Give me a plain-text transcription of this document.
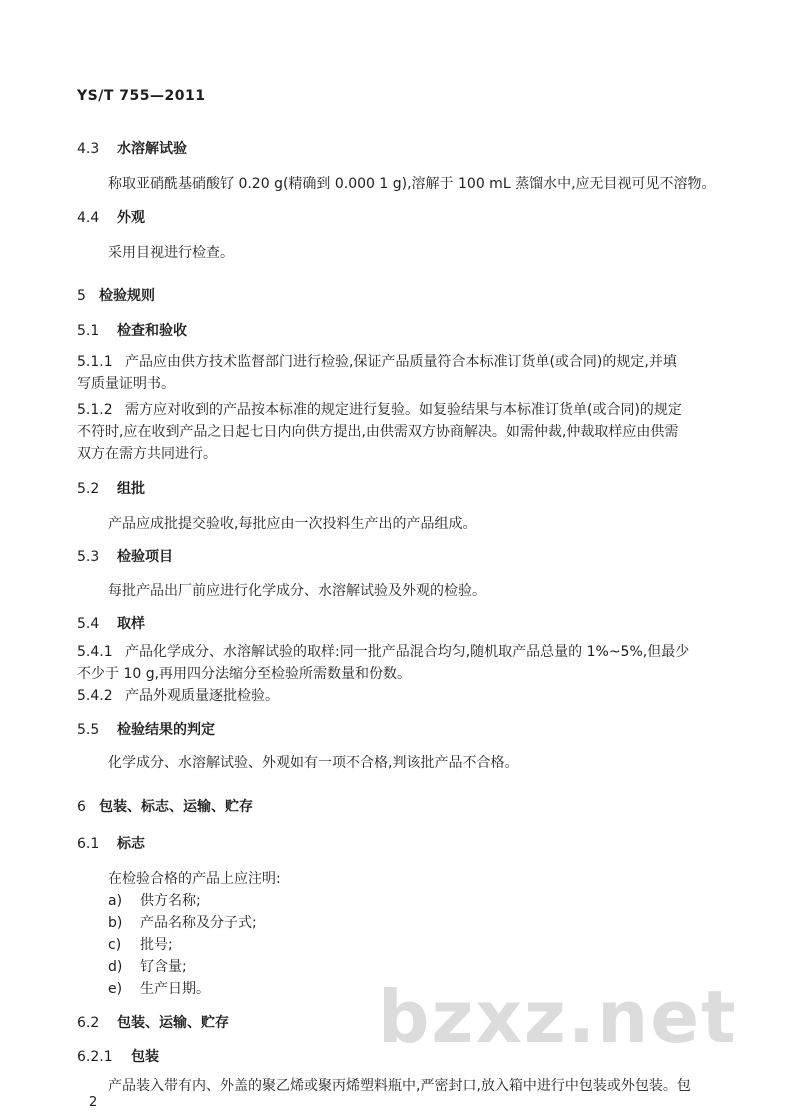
YS/T 755—2011
4.3 水溶解试验
称取亚硝酰基硝酸钌 0.20 g(精确到 0.000 1 g),溶解于 100 mL 蒸馏水中,应无目视可见不溶物。
4.4 外观
采用目视进行检查。
5 检验规则
5.1 检查和验收
5.1.1 产品应由供方技术监督部门进行检验,保证产品质量符合本标准订货单(或合同)的规定,并填
写质量证明书。
5.1.2 需方应对收到的产品按本标准的规定进行复验。如复验结果与本标准订货单(或合同)的规定
不符时,应在收到产品之日起七日内向供方提出,由供需双方协商解决。如需仲裁,仲裁取样应由供需
双方在需方共同进行。
5.2 组批
产品应成批提交验收,每批应由一次投料生产出的产品组成。
5.3 检验项目
每批产品出厂前应进行化学成分、水溶解试验及外观的检验。
5.4 取样
5.4.1 产品化学成分、水溶解试验的取样:同一批产品混合均匀,随机取产品总量的 1%~5%,但最少
不少于 10 g,再用四分法缩分至检验所需数量和份数。
5.4.2 产品外观质量逐批检验。
5.5 检验结果的判定
化学成分、水溶解试验、外观如有一项不合格,判该批产品不合格。
6 包装、标志、运输、贮存
6.1 标志
在检验合格的产品上应注明:
a) 供方名称;
b) 产品名称及分子式;
c) 批号;
d) 钌含量;
e) 生产日期。
6.2 包装、运输、贮存
6.2.1 包装
产品装入带有内、外盖的聚乙烯或聚丙烯塑料瓶中,严密封口,放入箱中进行中包装或外包装。包
2
bzxz.net
